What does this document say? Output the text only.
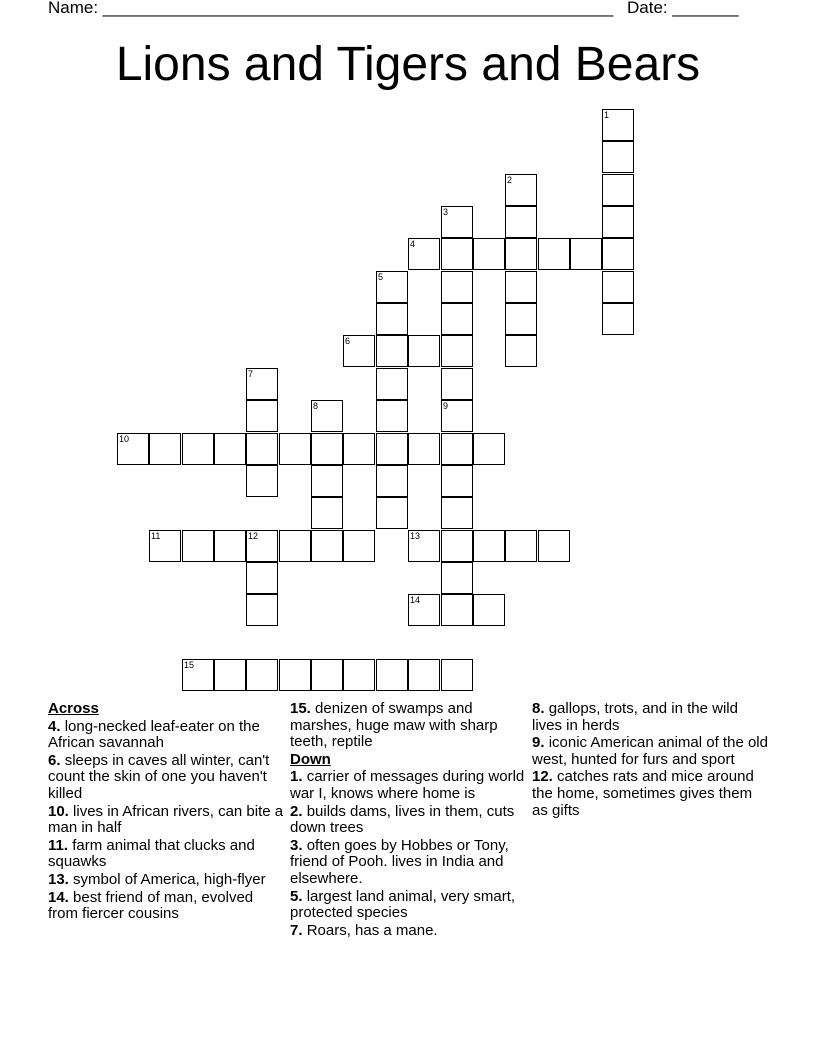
Name: ______________________________________________________ Date: _______
Lions and Tigers and Bears
1
2
3
4
5
6
7
8	9
10
11	12	13
14
15
Across
4. long-necked leaf-eater on the African savannah
6. sleeps in caves all winter, can't count the skin of one you haven't killed
10. lives in African rivers, can bite a man in half
11. farm animal that clucks and squawks
13. symbol of America, high-flyer
14. best friend of man, evolved from fiercer cousins
15. denizen of swamps and marshes, huge maw with sharp teeth, reptile
Down
1. carrier of messages during world war I, knows where home is
2. builds dams, lives in them, cuts down trees
3. often goes by Hobbes or Tony, friend of Pooh. lives in India and elsewhere.
5. largest land animal, very smart, protected species
7. Roars, has a mane.
8. gallops, trots, and in the wild lives in herds
9. iconic American animal of the old west, hunted for furs and sport
12. catches rats and mice around the home, sometimes gives them as gifts
